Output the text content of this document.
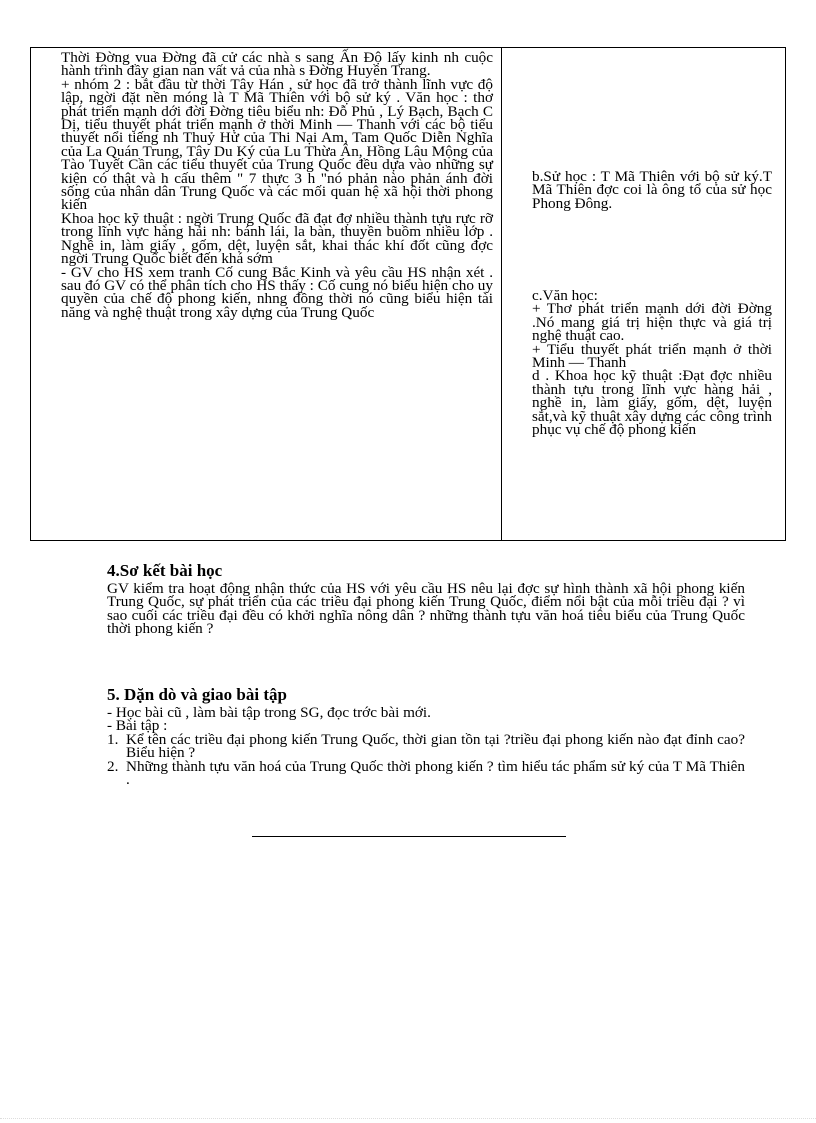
Thời Đờng vua Đờng đã cử các nhà s sang Ấn Độ lấy kinh nh cuộc hành tŕình đầy gian nan vất vả của nhà s Đờng Huyền Trang.

+ nhóm 2 : bắt đầu từ thời Tây Hán , sử học đã trở thành lĩnh vực độ lập, ngời đặt nền móng là T Mã Thiên với bộ sử ký . Văn học : thơ phát triển mạnh dới đời Đờng tiêu biểu nh: Đỗ Phủ , Lý Bạch, Bạch C Dị, tiểu thuyết phát triển mạnh ở thời Minh — Thanh với các bộ tiểu thuyết nổi tiếng nh Thuỷ Hử của Thi Nại Am, Tam Quốc Diễn Nghĩa của La Quán Trung, Tây Du Ký của Lu Thừa Ân, Hồng Lâu Mộng của Tào Tuyết Cần các tiểu thuyết của Trung Quốc đều dựa vào những sự kiện có thật và h cấu thêm " 7 thực 3 h "nó phản nào phản ánh đời sống của nhân dân Trung Quốc và các mối quan hệ xã hội thời phong kiến

Khoa học kỹ thuật : ngời Trung Quốc đã đạt đợ nhiều thành tựu rực rỡ trong lĩnh vực hàng hải nh: bánh lái, la bàn, thuyền buồm nhiều lớp . Nghề in, làm giấy , gốm, dệt, luyện sắt, khai thác khí đốt cũng đợc ngời Trung Quốc biết đến khá sớm

- GV cho HS xem tranh Cố cung Bắc Kinh và yêu cầu HS nhận xét . sau đó GV có thể phân tích cho HS thấy : Cố cung nó biểu hiện cho uy quyền của chế độ phong kiến, nhng đồng thời nó cũng biểu hiện tài năng và nghệ thuật trong xây dựng của Trung Quốc

b.Sử học : T Mã Thiên với bộ sử ký.T Mã Thiên đợc coi là ông tổ của sử học Phong Đông.

c.Văn học:

+ Thơ phát triển mạnh dới đời Đờng .Nó mang giá trị hiện thực và giá trị nghệ thuật cao.

+ Tiểu thuyết phát triển mạnh ở thời Minh — Thanh

d . Khoa học kỹ thuật :Đạt đợc nhiều thành tựu trong lĩnh vực hàng hải , nghề in, làm giấy, gốm, dệt, luyện sắt,và kỹ thuật xây dựng các công trình phục vụ chế độ phong kiến

4.Sơ kết bài học

GV kiểm tra hoạt động nhận thức của HS với yêu cầu HS nêu lại đợc sự hình thành xã hội phong kiến Trung Quốc, sự phát triển của các triều đại phong kiến Trung Quốc, điểm nổi bật của mỗi triều đại ? vì sao cuối các triều đại đều có khởi nghĩa nông dân ? những thành tựu văn hoá tiêu biểu của Trung Quốc thời phong kiến ?

5. Dặn dò và giao bài tập

- Học bài cũ , làm bài tập trong SG, đọc trớc bài mới.

- Bài tập :

1. Kể tên các triều đại phong kiến Trung Quốc, thời gian tồn tại ?triều đại phong kiến nào đạt đỉnh cao? Biểu hiện ?
2. Những thành tựu văn hoá của Trung Quốc thời phong kiến ? tìm hiểu tác phẩm sử ký của T Mã Thiên .
